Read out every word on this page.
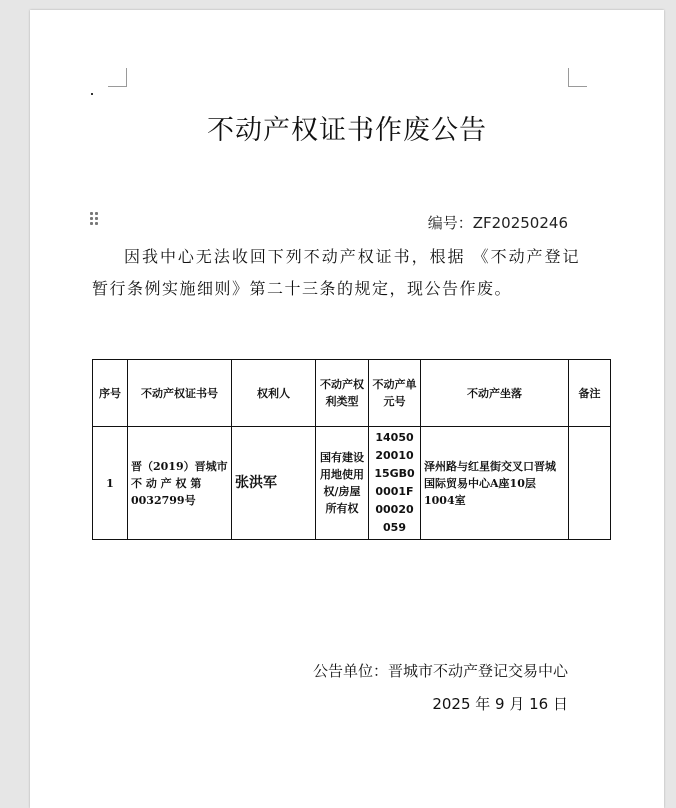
不动产权证书作废公告
编号：ZF20250246
因我中心无法收回下列不动产权证书，根据 《不动产登记暂行条例实施细则》第二十三条的规定，现公告作废。
序号	不动产权证书号	权利人	不动产权利类型	不动产单元号	不动产坐落	备注
1	晋（2019）晋城市不 动 产 权 第0032799号	张洪军	国有建设用地使用权/房屋所有权	140502001015GB00001F00020059	泽州路与红星街交叉口晋城国际贸易中心A座10层1004室	
公告单位：晋城市不动产登记交易中心
2025 年 9 月 16 日
